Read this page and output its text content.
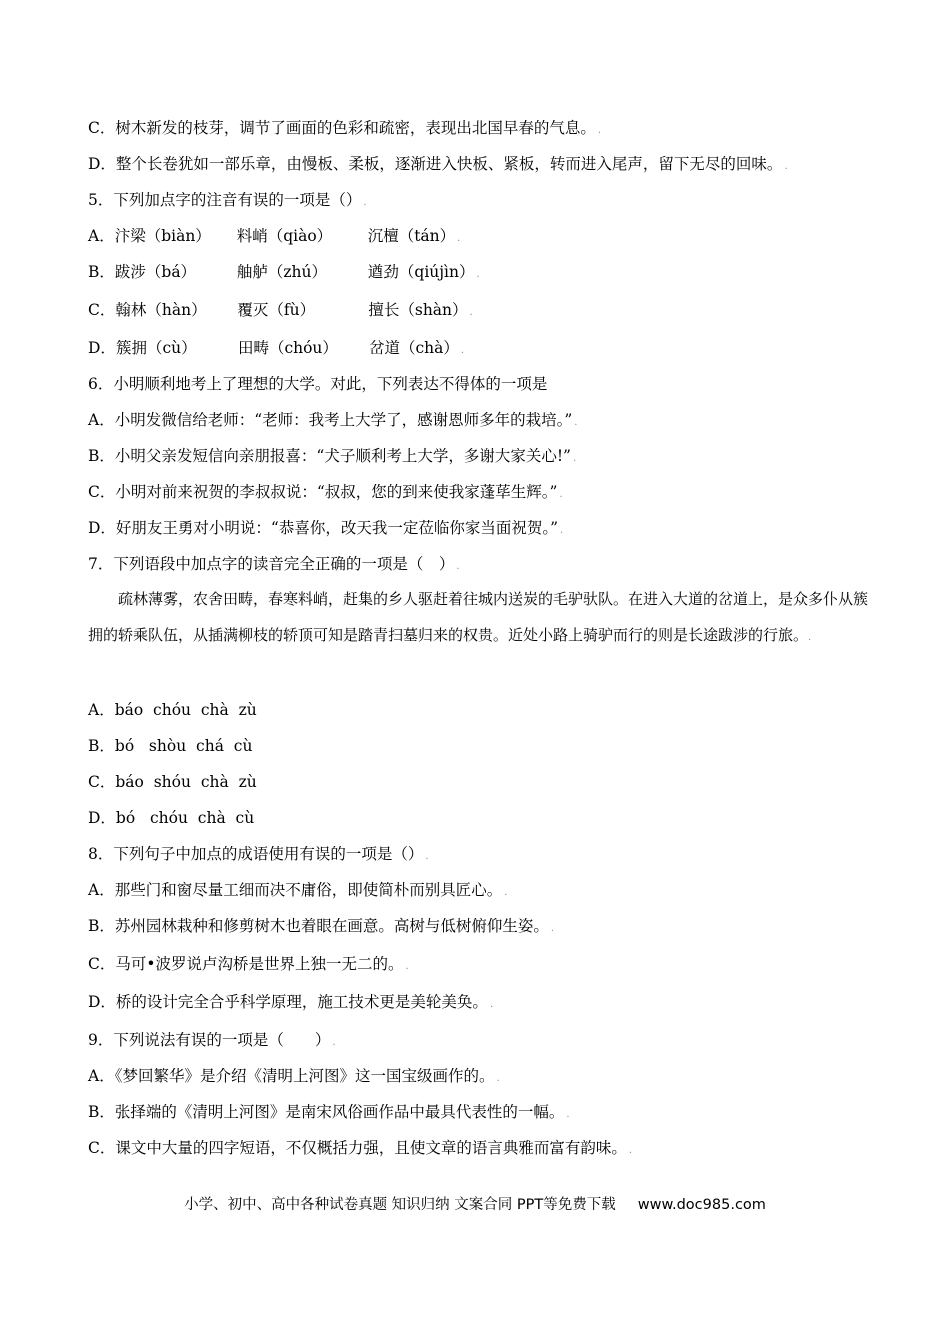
C．树木新发的枝芽，调节了画面的色彩和疏密，表现出北国早春的气息。 .
D．整个长卷犹如一部乐章，由慢板、柔板，逐渐进入快板、紧板，转而进入尾声，留下无尽的回味。 .
5．下列加点字的注音有误的一项是（） .
A．汴梁（biàn） 料峭（qiào） 沉檀（tán） .
B．跋涉（bá）	舳舻（zhú）	遒劲（qiújìn） .
C．翰林（hàn） 覆灭（fù）	擅长（shàn） .
D．簇拥（cù）	田畴（chóu） 岔道（chà） .
6．小明顺利地考上了理想的大学。对此，下列表达不得体的一项是
A．小明发微信给老师：“老师：我考上大学了，感谢恩师多年的栽培。” .
B．小明父亲发短信向亲朋报喜：“犬子顺利考上大学，多谢大家关心!” .
C．小明对前来祝贺的李叔叔说：“叔叔，您的到来使我家蓬荜生辉。” .
D．好朋友王勇对小明说：“恭喜你，改天我一定莅临你家当面祝贺。” .
7．下列语段中加点字的读音完全正确的一项是（　） .
疏林薄雾，农舍田畴，春寒料峭，赶集的乡人驱赶着往城内送炭的毛驴驮队。在进入大道的岔道上，是众多仆从簇拥的轿乘队伍，从插满柳枝的轿顶可知是踏青扫墓归来的权贵。近处小路上骑驴而行的则是长途跋涉的行旅。.
A．báo  chóu  chà  zù
B．bó   shòu  chá  cù
C．báo  shóu  chà  zù
D．bó   chóu  chà  cù
8．下列句子中加点的成语使用有误的一项是（） .
A．那些门和窗尽量工细而决不庸俗，即使简朴而别具匠心。 .
B．苏州园林栽种和修剪树木也着眼在画意。高树与低树俯仰生姿。 .
C．马可•波罗说卢沟桥是世界上独一无二的。 .
D．桥的设计完全合乎科学原理，施工技术更是美轮美奂。 .
9．下列说法有误的一项是（　　） .
A．《梦回繁华》是介绍《清明上河图》这一国宝级画作的。 .
B．张择端的《清明上河图》是南宋风俗画作品中最具代表性的一幅。 .
C．课文中大量的四字短语，不仅概括力强，且使文章的语言典雅而富有韵味。 .
小学、初中、高中各种试卷真题 知识归纳 文案合同 PPT等免费下载 www.doc985.com
